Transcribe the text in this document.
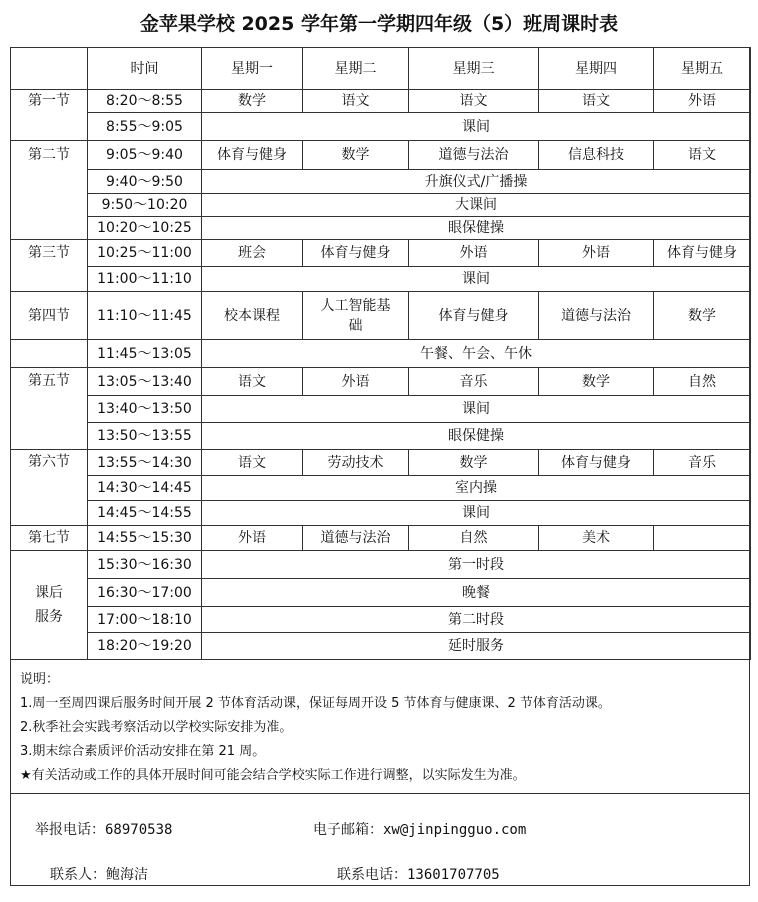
金苹果学校 2025 学年第一学期四年级（5）班周课时表
	时间	星期一	星期二	星期三	星期四	星期五
第一节	8:20～8:55	数学	语文	语文	语文	外语
	8:55～9:05	课间				
第二节	9:05～9:40	体育与健身	数学	道德与法治	信息科技	语文
	9:40～9:50	升旗仪式/广播操				
	9:50～10:20	大课间				
	10:20～10:25	眼保健操				
第三节	10:25～11:00	班会	体育与健身	外语	外语	体育与健身
	11:00～11:10	课间				
第四节	11:10～11:45	校本课程	人工智能基础	体育与健身	道德与法治	数学
	11:45～13:05	午餐、午会、午休				
第五节	13:05～13:40	语文	外语	音乐	数学	自然
	13:40～13:50	课间				
	13:50～13:55	眼保健操				
第六节	13:55～14:30	语文	劳动技术	数学	体育与健身	音乐
	14:30～14:45	室内操				
	14:45～14:55	课间				
第七节	14:55～15:30	外语	道德与法治	自然	美术	
课后服务	15:30～16:30	第一时段				
	16:30～17:00	晚餐				
	17:00～18:10	第二时段				
	18:20～19:20	延时服务				
说明：
1.周一至周四课后服务时间开展 2 节体育活动课，保证每周开设 5 节体育与健康课、2 节体育活动课。
2.秋季社会实践考察活动以学校实际安排为准。
3.期末综合素质评价活动安排在第 21 周。
★有关活动或工作的具体开展时间可能会结合学校实际工作进行调整，以实际发生为准。
举报电话：68970538	电子邮箱：xw@jinpingguo.com
联系人：鲍海洁	联系电话：13601707705
